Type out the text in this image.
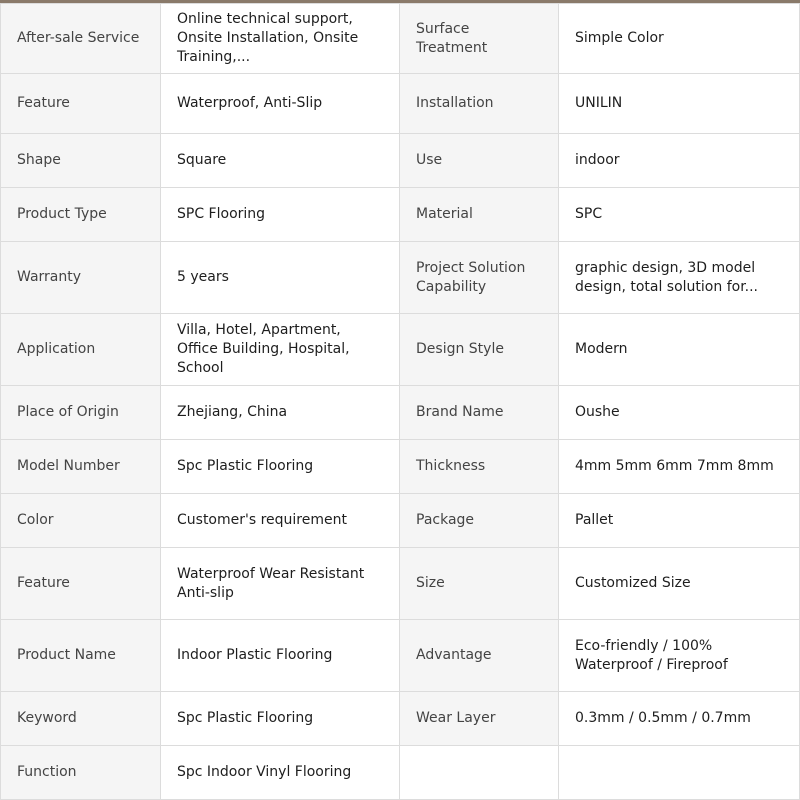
After-sale Service	Online technical support, Onsite Installation, Onsite Training,...	Surface Treatment	Simple Color
Feature	Waterproof, Anti-Slip	Installation	UNILIN
Shape	Square	Use	indoor
Product Type	SPC Flooring	Material	SPC
Warranty	5 years	Project Solution Capability	graphic design, 3D model design, total solution for...
Application	Villa, Hotel, Apartment, Office Building, Hospital, School	Design Style	Modern
Place of Origin	Zhejiang, China	Brand Name	Oushe
Model Number	Spc Plastic Flooring	Thickness	4mm 5mm 6mm 7mm 8mm
Color	Customer's requirement	Package	Pallet
Feature	Waterproof Wear Resistant Anti-slip	Size	Customized Size
Product Name	Indoor Plastic Flooring	Advantage	Eco-friendly / 100% Waterproof / Fireproof
Keyword	Spc Plastic Flooring	Wear Layer	0.3mm / 0.5mm / 0.7mm
Function	Spc Indoor Vinyl Flooring		
